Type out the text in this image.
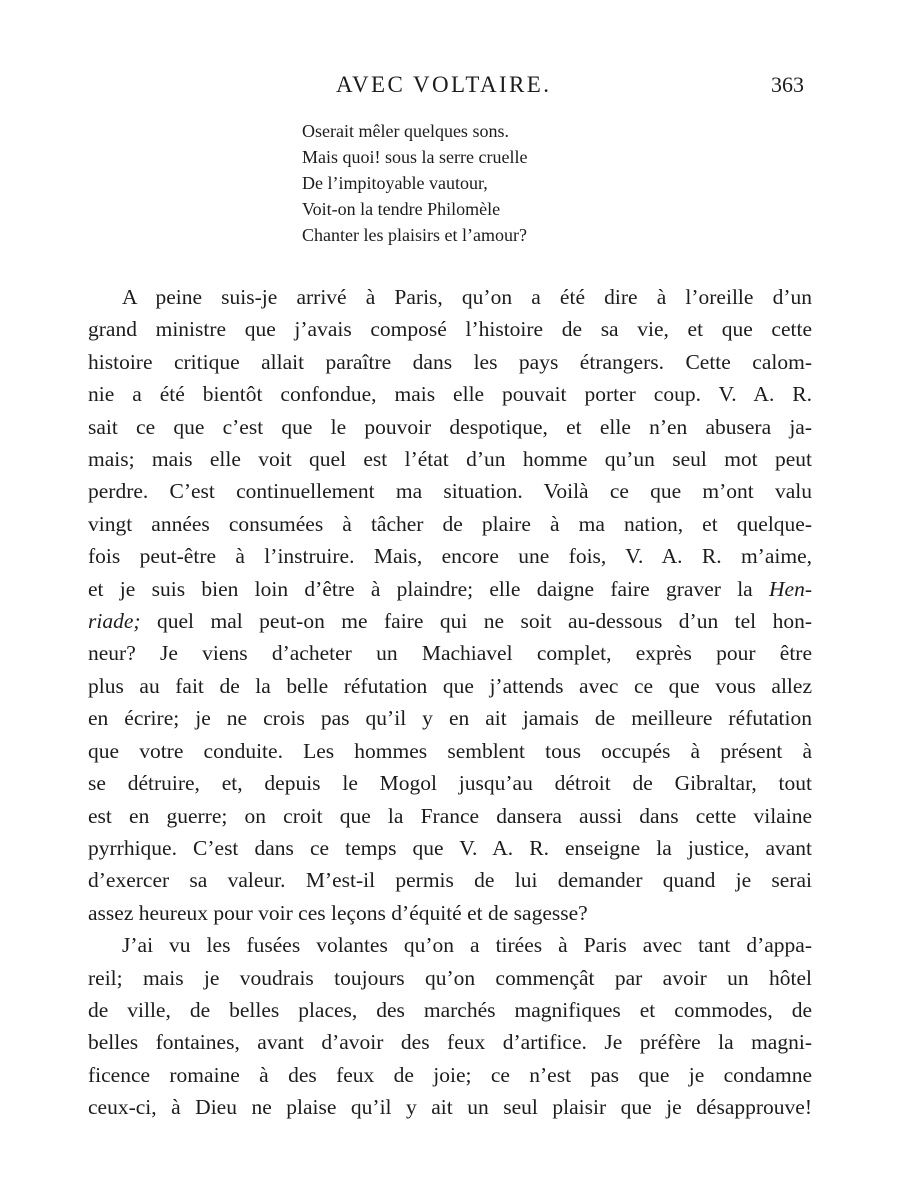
AVEC VOLTAIRE.	363
Oserait mêler quelques sons.
Mais quoi! sous la serre cruelle
De l’impitoyable vautour,
Voit-on la tendre Philomèle
Chanter les plaisirs et l’amour?
A peine suis-je arrivé à Paris, qu’on a été dire à l’oreille d’un
grand ministre que j’avais composé l’histoire de sa vie, et que cette
histoire critique allait paraître dans les pays étrangers. Cette calom-
nie a été bientôt confondue, mais elle pouvait porter coup. V. A. R.
sait ce que c’est que le pouvoir despotique, et elle n’en abusera ja-
mais; mais elle voit quel est l’état d’un homme qu’un seul mot peut
perdre. C’est continuellement ma situation. Voilà ce que m’ont valu
vingt années consumées à tâcher de plaire à ma nation, et quelque-
fois peut-être à l’instruire. Mais, encore une fois, V. A. R. m’aime,
et je suis bien loin d’être à plaindre; elle daigne faire graver la Hen-
riade; quel mal peut-on me faire qui ne soit au-dessous d’un tel hon-
neur? Je viens d’acheter un Machiavel complet, exprès pour être
plus au fait de la belle réfutation que j’attends avec ce que vous allez
en écrire; je ne crois pas qu’il y en ait jamais de meilleure réfutation
que votre conduite. Les hommes semblent tous occupés à présent à
se détruire, et, depuis le Mogol jusqu’au détroit de Gibraltar, tout
est en guerre; on croit que la France dansera aussi dans cette vilaine
pyrrhique. C’est dans ce temps que V. A. R. enseigne la justice, avant
d’exercer sa valeur. M’est-il permis de lui demander quand je serai
assez heureux pour voir ces leçons d’équité et de sagesse?
J’ai vu les fusées volantes qu’on a tirées à Paris avec tant d’appa-
reil; mais je voudrais toujours qu’on commençât par avoir un hôtel
de ville, de belles places, des marchés magnifiques et commodes, de
belles fontaines, avant d’avoir des feux d’artifice. Je préfère la magni-
ficence romaine à des feux de joie; ce n’est pas que je condamne
ceux-ci, à Dieu ne plaise qu’il y ait un seul plaisir que je désapprouve!
